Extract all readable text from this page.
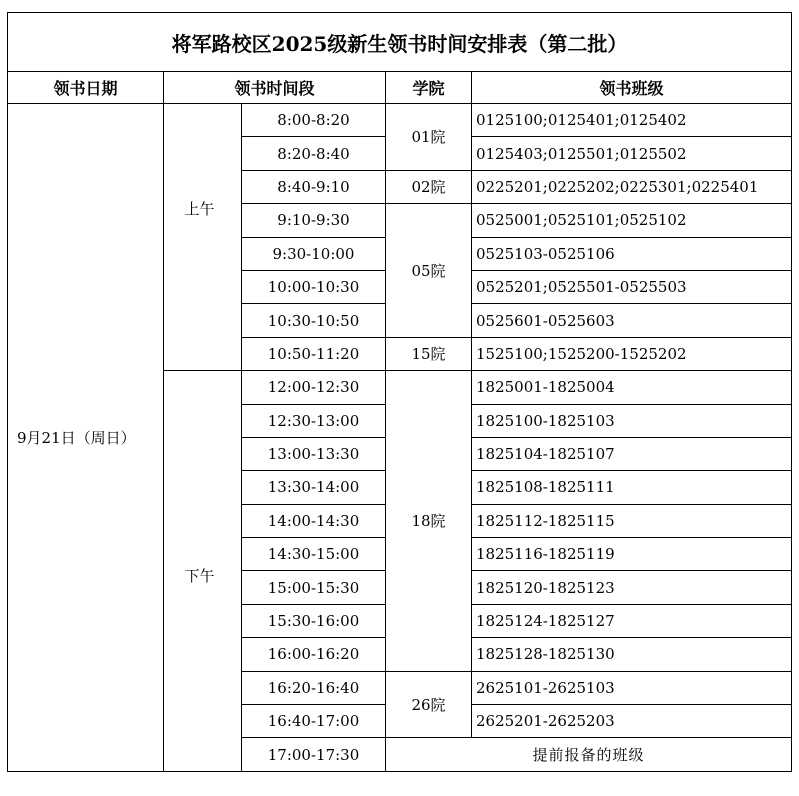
将军路校区2025级新生领书时间安排表（第二批）				
领书日期	领书时间段		学院	领书班级
9月21日（周日）	上午	8:00-8:20	01院	0125100;0125401;0125402
		8:20-8:40		0125403;0125501;0125502
		8:40-9:10	02院	0225201;0225202;0225301;0225401
		9:10-9:30	05院	0525001;0525101;0525102
		9:30-10:00		0525103-0525106
		10:00-10:30		0525201;0525501-0525503
		10:30-10:50		0525601-0525603
		10:50-11:20	15院	1525100;1525200-1525202
	下午	12:00-12:30	18院	1825001-1825004
		12:30-13:00		1825100-1825103
		13:00-13:30		1825104-1825107
		13:30-14:00		1825108-1825111
		14:00-14:30		1825112-1825115
		14:30-15:00		1825116-1825119
		15:00-15:30		1825120-1825123
		15:30-16:00		1825124-1825127
		16:00-16:20		1825128-1825130
		16:20-16:40	26院	2625101-2625103
		16:40-17:00		2625201-2625203
		17:00-17:30	提前报备的班级	
